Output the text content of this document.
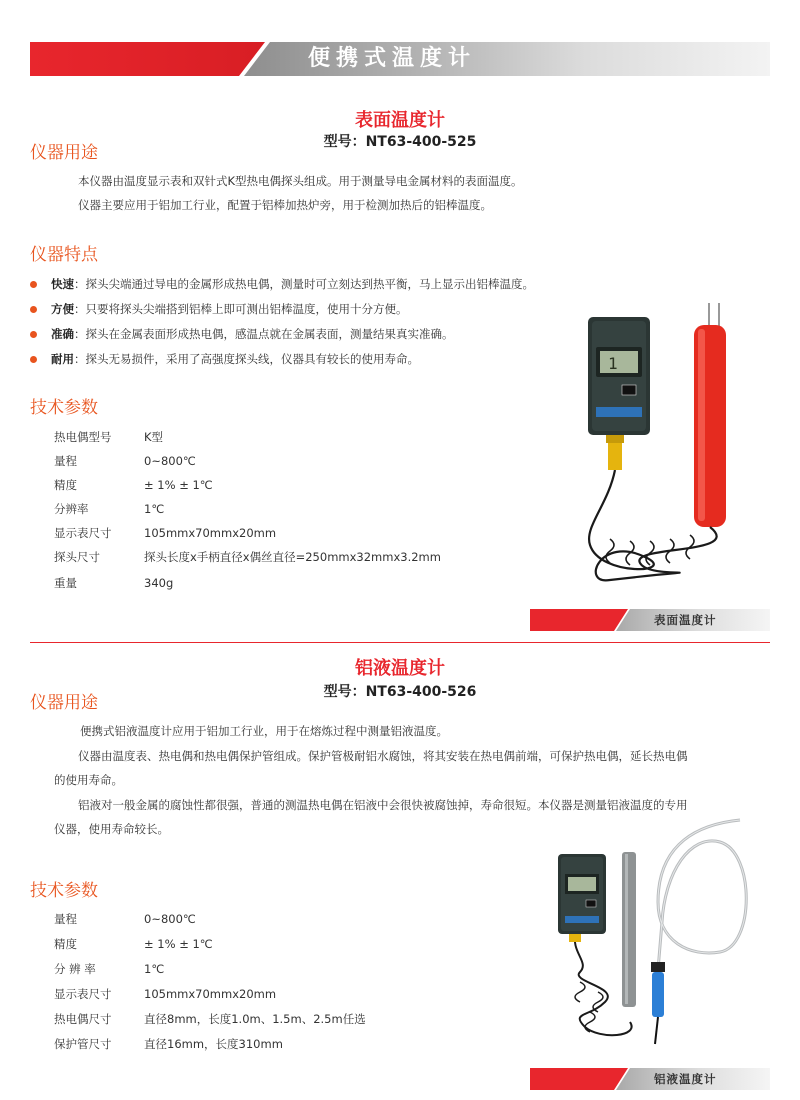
便携式温度计
表面温度计
型号：NT63-400-525
仪器用途
本仪器由温度显示表和双针式K型热电偶探头组成。用于测量导电金属材料的表面温度。
仪器主要应用于铝加工行业，配置于铝棒加热炉旁，用于检测加热后的铝棒温度。
仪器特点
快速：探头尖端通过导电的金属形成热电偶，测量时可立刻达到热平衡，马上显示出铝棒温度。
方便：只要将探头尖端搭到铝棒上即可测出铝棒温度，使用十分方便。
准确：探头在金属表面形成热电偶，感温点就在金属表面，测量结果真实准确。
耐用：探头无易损件，采用了高强度探头线，仪器具有较长的使用寿命。
技术参数
热电偶型号	K型
量程	0~800℃
精度	± 1% ± 1℃
分辨率	1℃
显示表尺寸	105mmx70mmx20mm
探头尺寸	探头长度x手柄直径x偶丝直径=250mmx32mmx3.2mm
重量	340g
1
表面温度计
铝液温度计
型号：NT63-400-526
仪器用途
便携式铝液温度计应用于铝加工行业，用于在熔炼过程中测量铝液温度。
仪器由温度表、热电偶和热电偶保护管组成。保护管极耐铝水腐蚀，将其安装在热电偶前端，可保护热电偶，延长热电偶
的使用寿命。
铝液对一般金属的腐蚀性都很强，普通的测温热电偶在铝液中会很快被腐蚀掉，寿命很短。本仪器是测量铝液温度的专用
仪器，使用寿命较长。
技术参数
量程	0~800℃
精度	± 1% ± 1℃
分 辨 率	1℃
显示表尺寸	105mmx70mmx20mm
热电偶尺寸	直径8mm，长度1.0m、1.5m、2.5m任选
保护管尺寸	直径16mm，长度310mm
铝液温度计
